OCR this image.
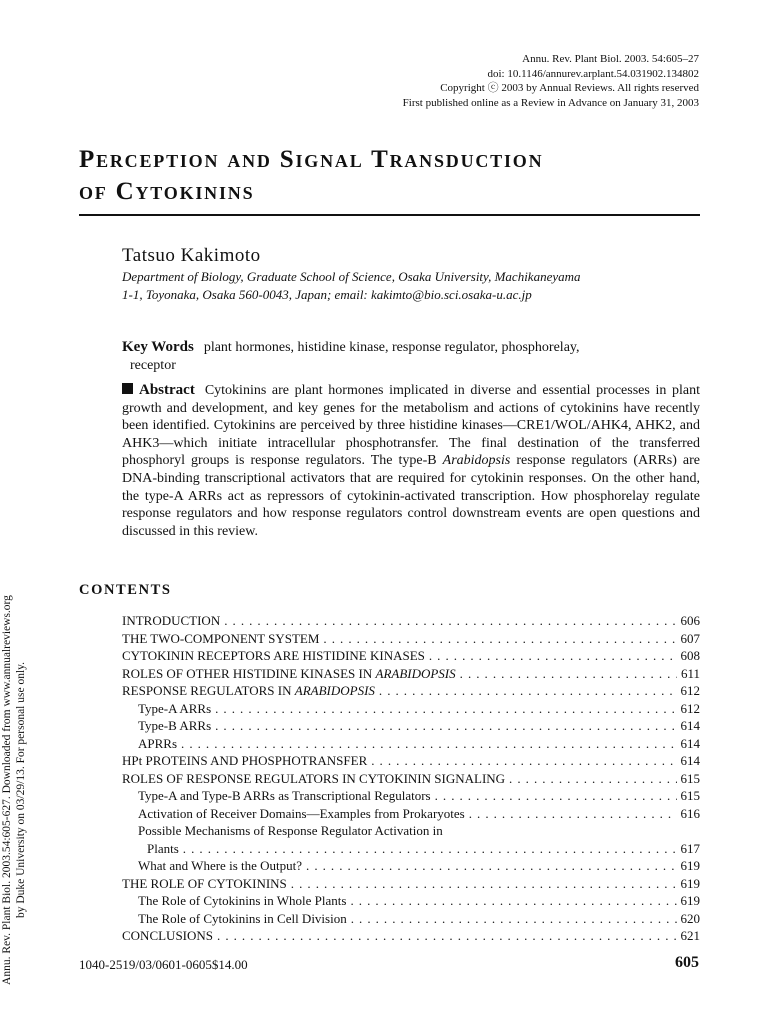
Annu. Rev. Plant Biol. 2003. 54:605–27
doi: 10.1146/annurev.arplant.54.031902.134802
Copyright ⓒ 2003 by Annual Reviews. All rights reserved
First published online as a Review in Advance on January 31, 2003
Annu. Rev. Plant Biol. 2003.54:605-627. Downloaded from www.annualreviews.org by Duke University on 03/29/13. For personal use only.
Perception and Signal Transduction
of Cytokinins
Tatsuo Kakimoto
Department of Biology, Graduate School of Science, Osaka University, Machikaneyama
1-1, Toyonaka, Osaka 560-0043, Japan; email: kakimto@bio.sci.osaka-u.ac.jp
Key Words plant hormones, histidine kinase, response regulator, phosphorelay,
receptor
Abstract Cytokinins are plant hormones implicated in diverse and essential processes in plant growth and development, and key genes for the metabolism and actions of cytokinins have recently been identified. Cytokinins are perceived by three histidine kinases—CRE1/WOL/AHK4, AHK2, and AHK3—which initiate intracellular phosphotransfer. The final destination of the transferred phosphoryl groups is response regulators. The type-B Arabidopsis response regulators (ARRs) are DNA-binding transcriptional activators that are required for cytokinin responses. On the other hand, the type-A ARRs act as repressors of cytokinin-activated transcription. How phosphorelay regulate response regulators and how response regulators control downstream events are open questions and discussed in this review.
CONTENTS
INTRODUCTION . . .	606
THE TWO-COMPONENT SYSTEM . . .	607
CYTOKININ RECEPTORS ARE HISTIDINE KINASES . . .	608
ROLES OF OTHER HISTIDINE KINASES IN ARABIDOPSIS . . .	611
RESPONSE REGULATORS IN ARABIDOPSIS . . .	612
Type-A ARRs . . .	612
Type-B ARRs . . .	614
APRRs . . .	614
HPt PROTEINS AND PHOSPHOTRANSFER . . .	614
ROLES OF RESPONSE REGULATORS IN CYTOKININ SIGNALING . . .	615
Type-A and Type-B ARRs as Transcriptional Regulators . . .	615
Activation of Receiver Domains—Examples from Prokaryotes . . .	616
Possible Mechanisms of Response Regulator Activation in
Plants . . .	617
What and Where is the Output? . . .	619
THE ROLE OF CYTOKININS . . .	619
The Role of Cytokinins in Whole Plants . . .	619
The Role of Cytokinins in Cell Division . . .	620
CONCLUSIONS . . .	621
1040-2519/03/0601-0605$14.00	605
